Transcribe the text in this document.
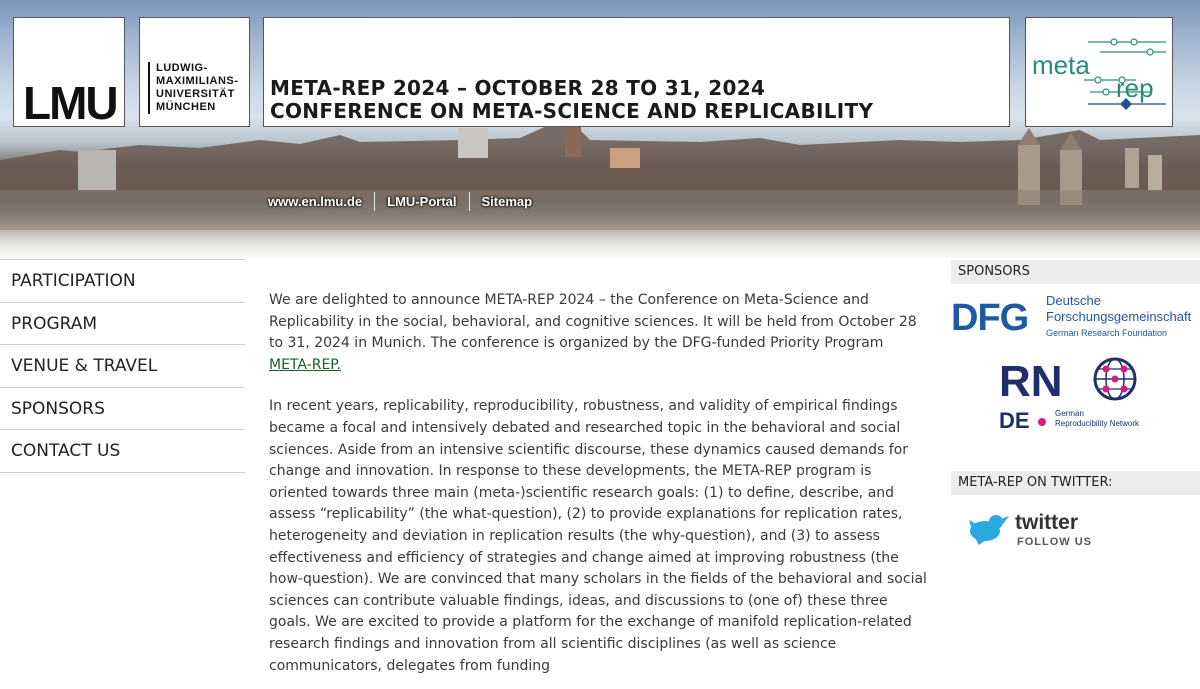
LMU
LUDWIG-
MAXIMILIANS-
UNIVERSITÄT
MÜNCHEN
META-REP 2024 – OCTOBER 28 TO 31, 2024
CONFERENCE ON META-SCIENCE AND REPLICABILITY
meta
rep
www.en.lmu.de LMU-Portal Sitemap
PARTICIPATION
PROGRAM
VENUE & TRAVEL
SPONSORS
CONTACT US

We are delighted to announce META-REP 2024 – the Conference on Meta-Science and Replicability in the social, behavioral, and cognitive sciences. It will be held from October 28 to 31, 2024 in Munich. The conference is organized by the DFG-funded Priority Program META-REP.

In recent years, replicability, reproducibility, robustness, and validity of empirical findings became a focal and intensively debated and researched topic in the behavioral and social sciences. Aside from an intensive scientific discourse, these dynamics caused demands for change and innovation. In response to these developments, the META-REP program is oriented towards three main (meta-)scientific research goals: (1) to define, describe, and assess “replicability” (the what-question), (2) to provide explanations for replication rates, heterogeneity and deviation in replication results (the why-question), and (3) to assess effectiveness and efficiency of strategies and change aimed at improving robustness (the how-question). We are convinced that many scholars in the fields of the behavioral and social sciences can contribute valuable findings, ideas, and discussions to (one of) these three goals. We are excited to provide a platform for the exchange of manifold replication-related research findings and innovation from all scientific disciplines (as well as science communicators, delegates from funding

SPONSORS
DFG Deutsche
Forschungsgemeinschaft
German Research Foundation
RN
DE	German
Reproducibility Network
META-REP ON TWITTER:
twitter
FOLLOW US
